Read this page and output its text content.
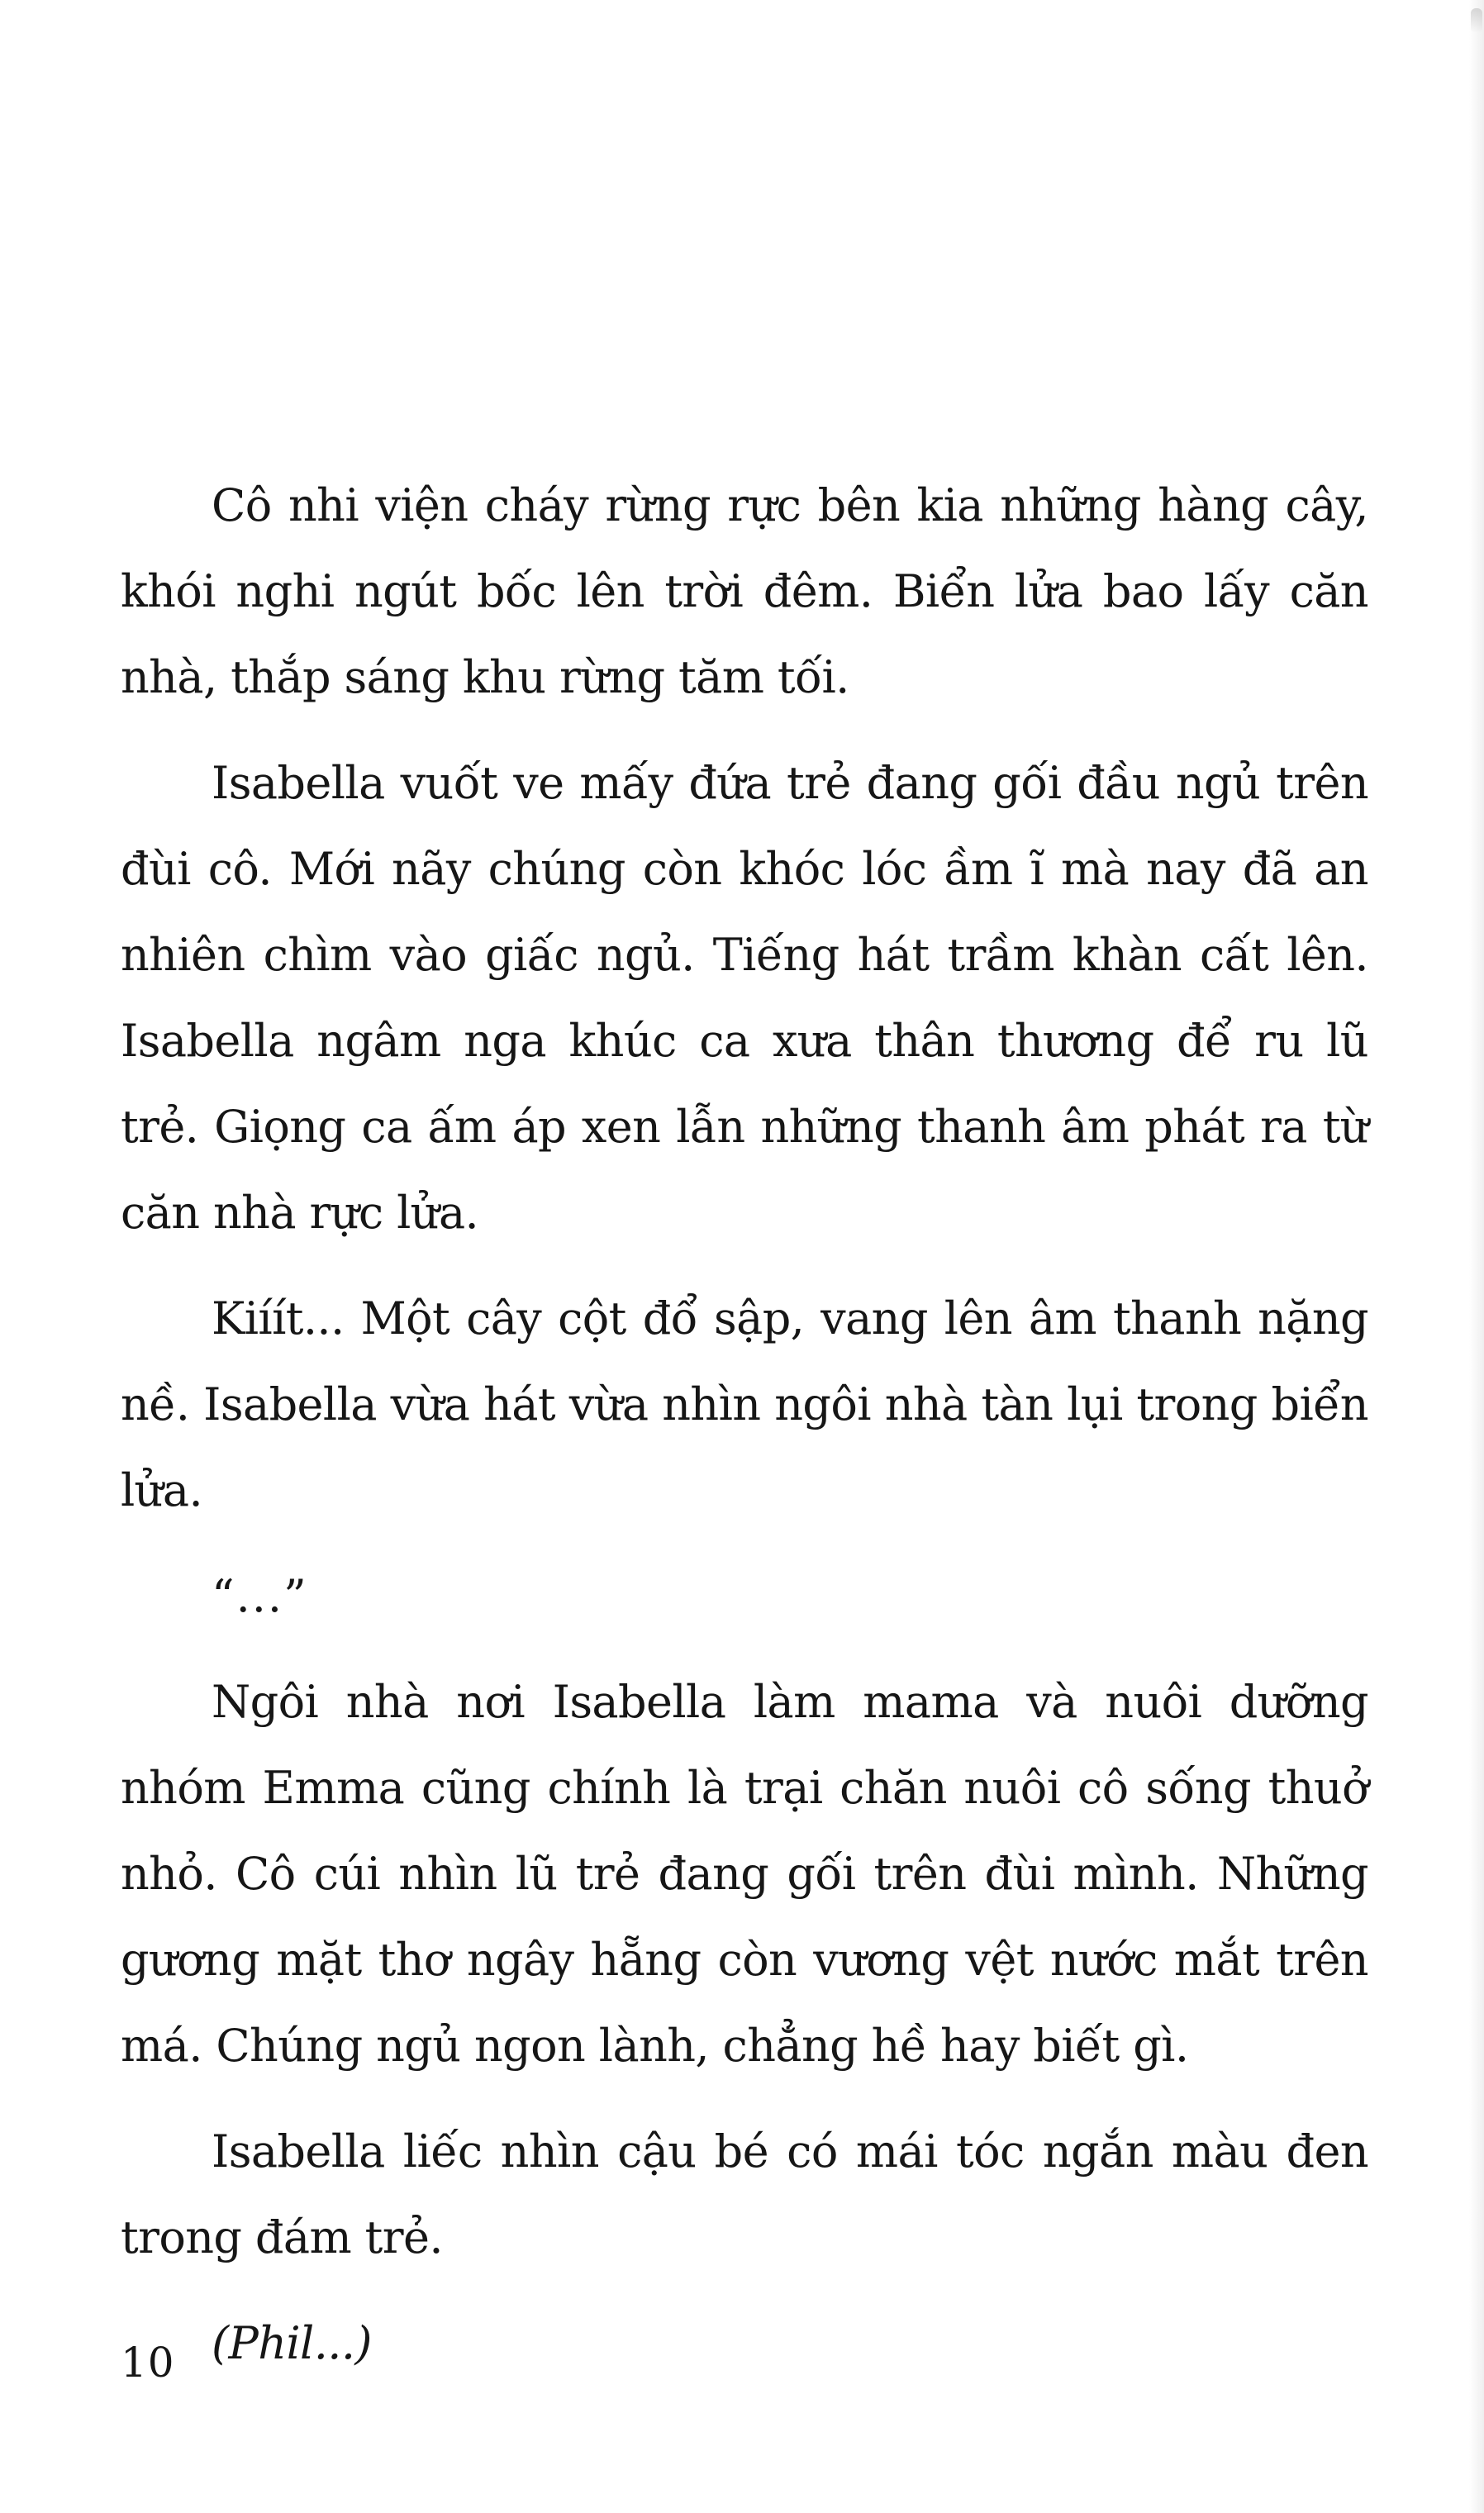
Cô nhi viện cháy rừng rực bên kia những hàng cây, khói nghi ngút bốc lên trời đêm. Biển lửa bao lấy căn nhà, thắp sáng khu rừng tăm tối.

Isabella vuốt ve mấy đứa trẻ đang gối đầu ngủ trên đùi cô. Mới nãy chúng còn khóc lóc ầm ĩ mà nay đã an nhiên chìm vào giấc ngủ. Tiếng hát trầm khàn cất lên. Isabella ngâm nga khúc ca xưa thân thương để ru lũ trẻ. Giọng ca ấm áp xen lẫn những thanh âm phát ra từ căn nhà rực lửa.

Kiíít... Một cây cột đổ sập, vang lên âm thanh nặng nề. Isabella vừa hát vừa nhìn ngôi nhà tàn lụi trong biển lửa.

“...”

Ngôi nhà nơi Isabella làm mama và nuôi dưỡng nhóm Emma cũng chính là trại chăn nuôi cô sống thuở nhỏ. Cô cúi nhìn lũ trẻ đang gối trên đùi mình. Những gương mặt thơ ngây hẵng còn vương vệt nước mắt trên má. Chúng ngủ ngon lành, chẳng hề hay biết gì.

Isabella liếc nhìn cậu bé có mái tóc ngắn màu đen trong đám trẻ.

(Phil...)

10
